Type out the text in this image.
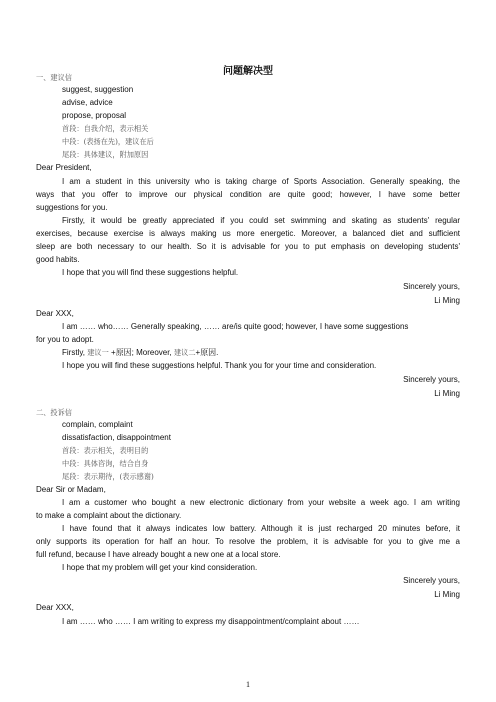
问题解决型
一、建议信
suggest, suggestion
advise, advice
propose, proposal
首段：自我介绍，表示相关
中段：(表扬在先)，建议在后
尾段：具体建议，附加原因
Dear President,
I am a student in this university who is taking charge of Sports Association. Generally speaking, the
ways that you offer to improve our physical condition are quite good; however, I have some better
suggestions for you.
Firstly, it would be greatly appreciated if you could set swimming and skating as students' regular
exercises, because exercise is always making us more energetic. Moreover, a balanced diet and sufficient
sleep are both necessary to our health. So it is advisable for you to put emphasis on developing students'
good habits.
I hope that you will find these suggestions helpful.
Sincerely yours,
Li Ming
Dear XXX,
I am …… who…… Generally speaking, …… are/is quite good; however, I have some suggestions
for you to adopt.
Firstly, 建议一 +原因; Moreover, 建议二+原因.
I hope you will find these suggestions helpful. Thank you for your time and consideration.
Sincerely yours,
Li Ming
二、投诉信
complain, complaint
dissatisfaction, disappointment
首段：表示相关，表明目的
中段：具体咨询，结合自身
尾段：表示期待，(表示感谢)
Dear Sir or Madam,
I am a customer who bought a new electronic dictionary from your website a week ago. I am writing
to make a complaint about the dictionary.
I have found that it always indicates low battery. Although it is just recharged 20 minutes before, it
only supports its operation for half an hour. To resolve the problem, it is advisable for you to give me a
full refund, because I have already bought a new one at a local store.
I hope that my problem will get your kind consideration.
Sincerely yours,
Li Ming
Dear XXX,
I am …… who …… I am writing to express my disappointment/complaint about ……
1
